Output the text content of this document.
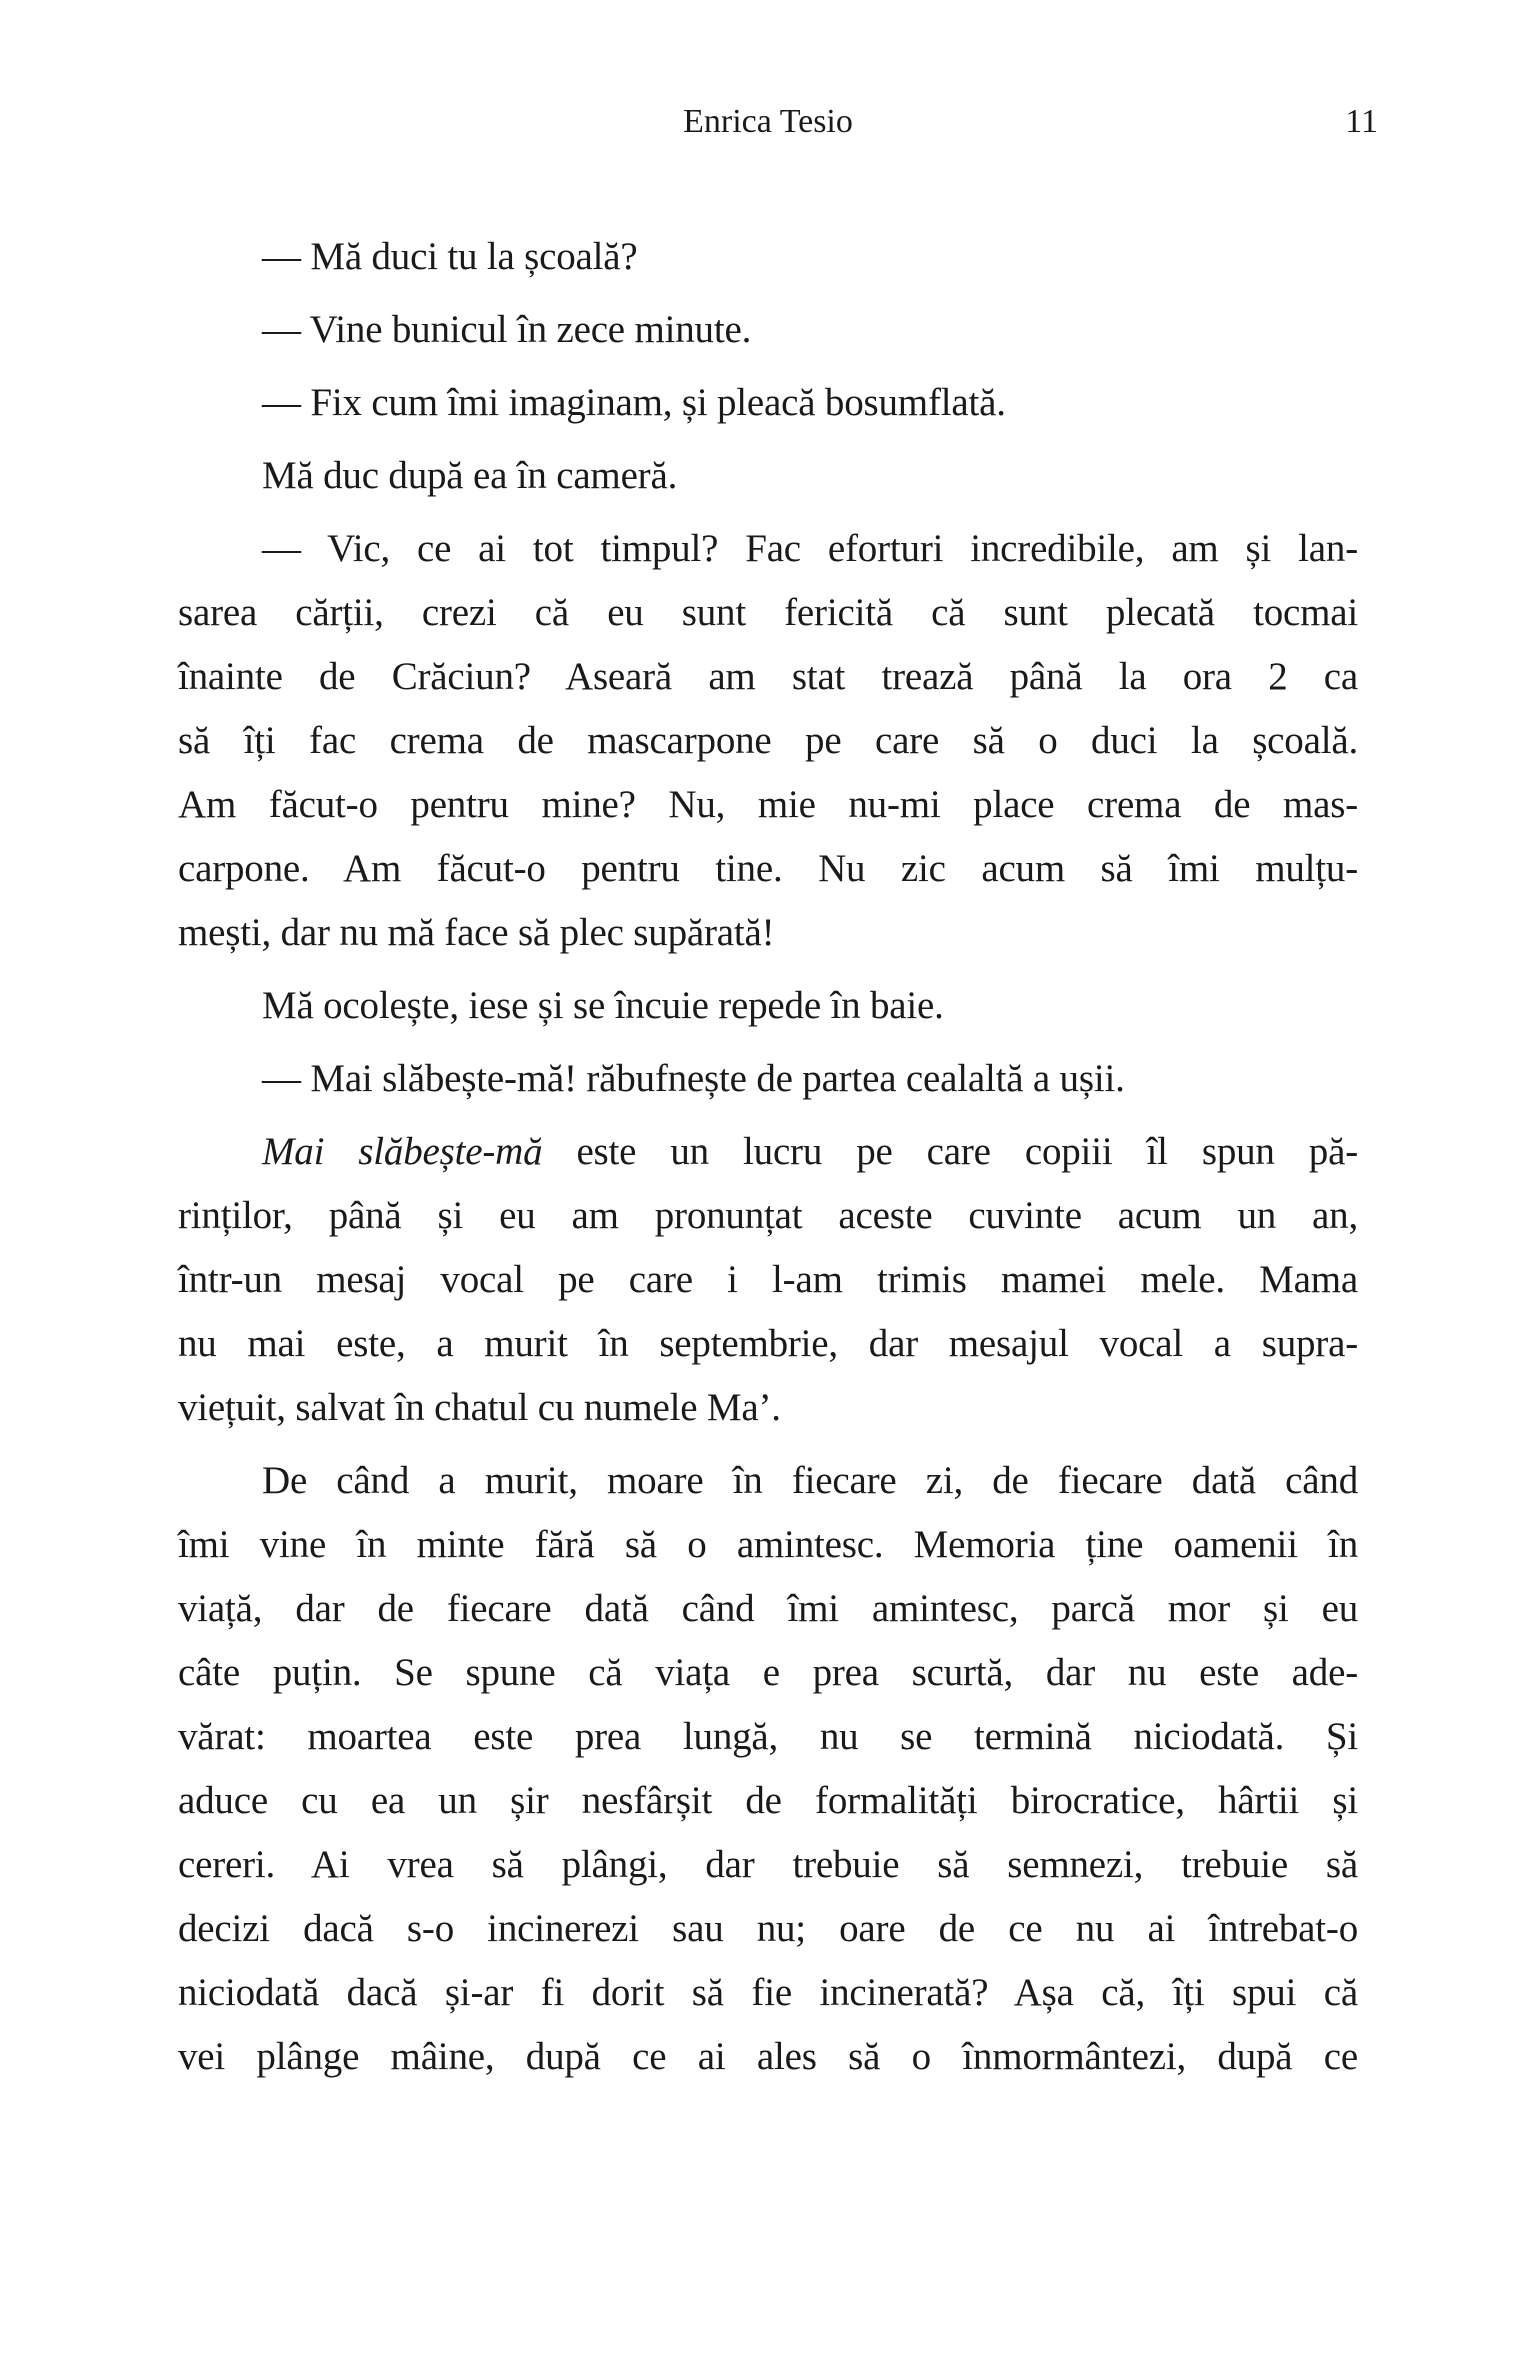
Enrica Tesio	11
— Mă duci tu la școală?
— Vine bunicul în zece minute.
— Fix cum îmi imaginam, și pleacă bosumflată.
Mă duc după ea în cameră.
— Vic, ce ai tot timpul? Fac eforturi incredibile, am și lan-
sarea cărții, crezi că eu sunt fericită că sunt plecată tocmai
înainte de Crăciun? Aseară am stat trează până la ora 2 ca
să îți fac crema de mascarpone pe care să o duci la școală.
Am făcut-o pentru mine? Nu, mie nu-mi place crema de mas-
carpone. Am făcut-o pentru tine. Nu zic acum să îmi mulțu-
mești, dar nu mă face să plec supărată!
Mă ocolește, iese și se încuie repede în baie.
— Mai slăbește-mă! răbufnește de partea cealaltă a ușii.
Mai slăbește-mă este un lucru pe care copiii îl spun pă-
rinților, până și eu am pronunțat aceste cuvinte acum un an,
într-un mesaj vocal pe care i l-am trimis mamei mele. Mama
nu mai este, a murit în septembrie, dar mesajul vocal a supra-
viețuit, salvat în chatul cu numele Ma’.
De când a murit, moare în fiecare zi, de fiecare dată când
îmi vine în minte fără să o amintesc. Memoria ține oamenii în
viață, dar de fiecare dată când îmi amintesc, parcă mor și eu
câte puțin. Se spune că viața e prea scurtă, dar nu este ade-
vărat: moartea este prea lungă, nu se termină niciodată. Și
aduce cu ea un șir nesfârșit de formalități birocratice, hârtii și
cereri. Ai vrea să plângi, dar trebuie să semnezi, trebuie să
decizi dacă s-o incinerezi sau nu; oare de ce nu ai întrebat-o
niciodată dacă și-ar fi dorit să fie incinerată? Așa că, îți spui că
vei plânge mâine, după ce ai ales să o înmormântezi, după ce
